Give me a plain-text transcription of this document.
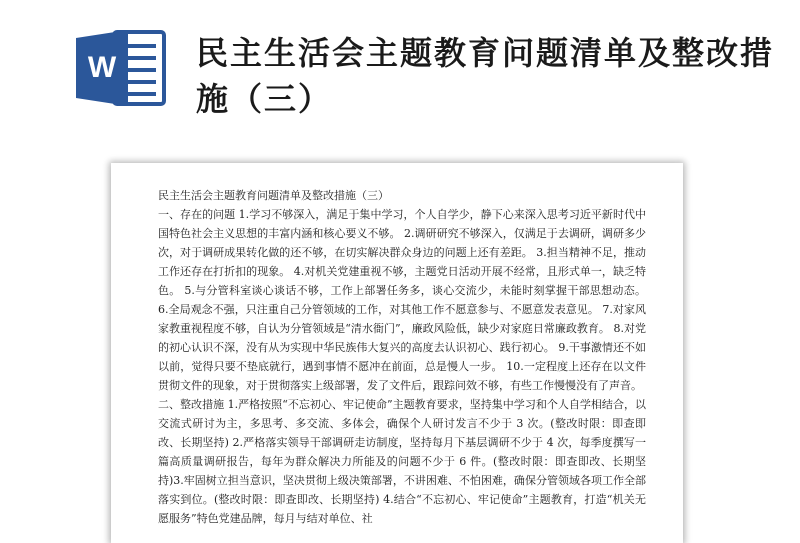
W 民主生活会主题教育问题清单及整改措施（三）

民主生活会主题教育问题清单及整改措施（三）

一、存在的问题 1.学习不够深入，满足于集中学习，个人自学少，静下心来深入思考习近平新时代中国特色社会主义思想的丰富内涵和核心要义不够。 2.调研研究不够深入，仅满足于去调研，调研多少次，对于调研成果转化做的还不够，在切实解决群众身边的问题上还有差距。 3.担当精神不足，推动工作还存在打折扣的现象。 4.对机关党建重视不够，主题党日活动开展不经常，且形式单一，缺乏特色。 5.与分管科室谈心谈话不够，工作上部署任务多，谈心交流少，未能时刻掌握干部思想动态。 6.全局观念不强，只注重自己分管领域的工作，对其他工作不愿意参与、不愿意发表意见。 7.对家风家教重视程度不够，自认为分管领域是“清水衙门”，廉政风险低，缺少对家庭日常廉政教育。 8.对党的初心认识不深，没有从为实现中华民族伟大复兴的高度去认识初心、践行初心。 9.干事激情还不如以前，觉得只要不垫底就行，遇到事情不愿冲在前面，总是慢人一步。 10.一定程度上还存在以文件贯彻文件的现象，对于贯彻落实上级部署，发了文件后，跟踪问效不够，有些工作慢慢没有了声音。

二、整改措施 1.严格按照“不忘初心、牢记使命”主题教育要求，坚持集中学习和个人自学相结合，以交流式研讨为主，多思考、多交流、多体会，确保个人研讨发言不少于 3 次。(整改时限：即查即改、长期坚持) 2.严格落实领导干部调研走访制度，坚持每月下基层调研不少于 4 次，每季度撰写一篇高质量调研报告，每年为群众解决力所能及的问题不少于 6 件。(整改时限：即查即改、长期坚持)3.牢固树立担当意识，坚决贯彻上级决策部署，不讲困难、不怕困难，确保分管领域各项工作全部落实到位。(整改时限：即查即改、长期坚持) 4.结合“不忘初心、牢记使命”主题教育，打造“机关无愿服务”特色党建品牌，每月与结对单位、社
